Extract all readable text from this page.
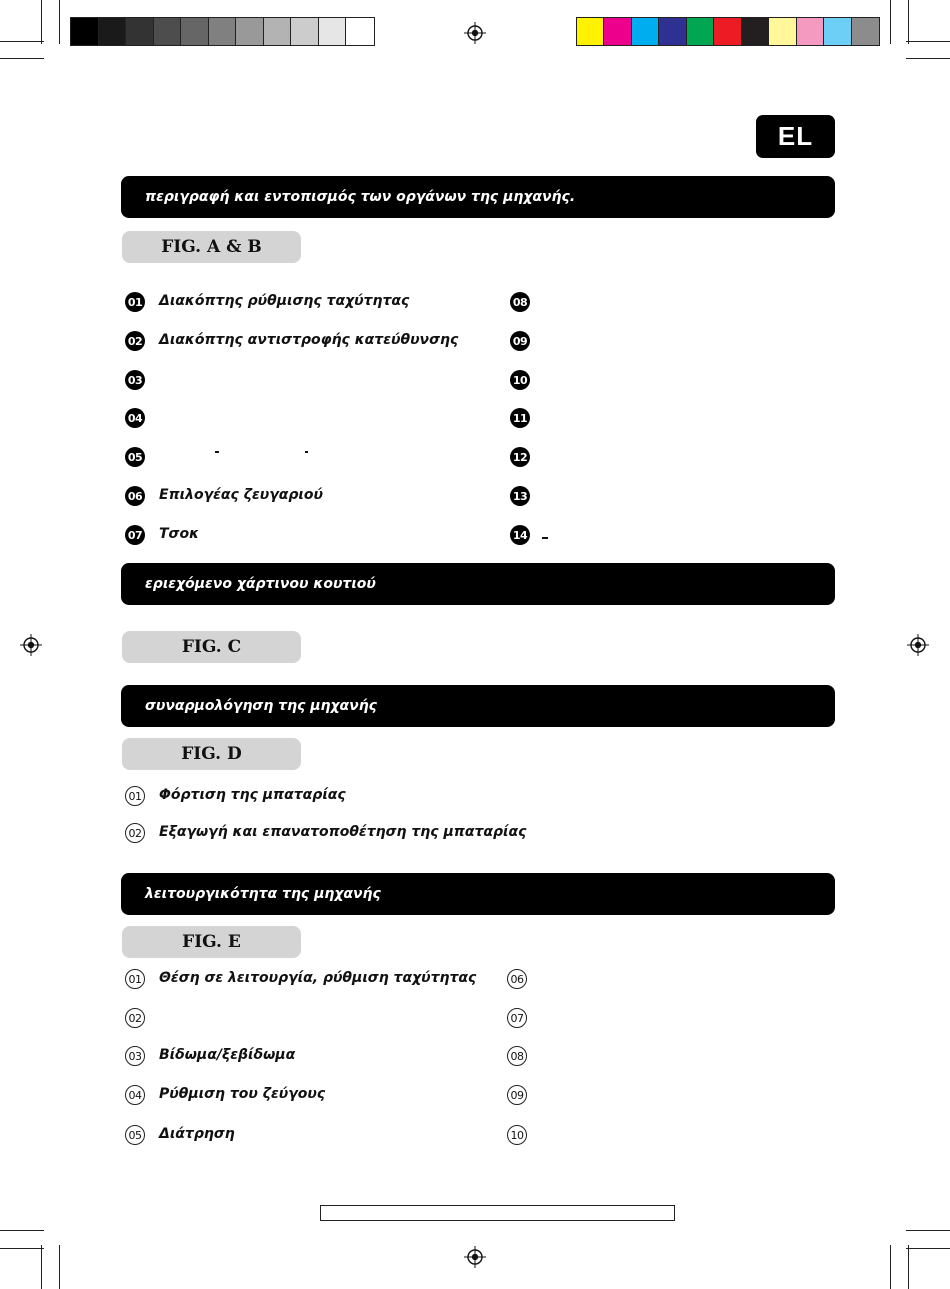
EL
περιγραφή και εντοπισμός των οργάνων της μηχανής.
FIG. A & B
01 Διακόπτης ρύθμισης ταχύτητας
02 Διακόπτης αντιστροφής κατεύθυνσης
03
04
05
06 Επιλογέας ζευγαριού
07 Τσοκ
08
09
10
11
12
13
14
εριεχόμενο χάρτινου κουτιού
FIG. C
συναρμολόγηση της μηχανής
FIG. D
01 Φόρτιση της μπαταρίας
02 Εξαγωγή και επανατοποθέτηση της μπαταρίας
λειτουργικότητα της μηχανής
FIG. E
01 Θέση σε λειτουργία, ρύθμιση ταχύτητας
02
03 Βίδωμα/ξεβίδωμα
04 Ρύθμιση του ζεύγους
05 Διάτρηση
06
07
08
09
10
